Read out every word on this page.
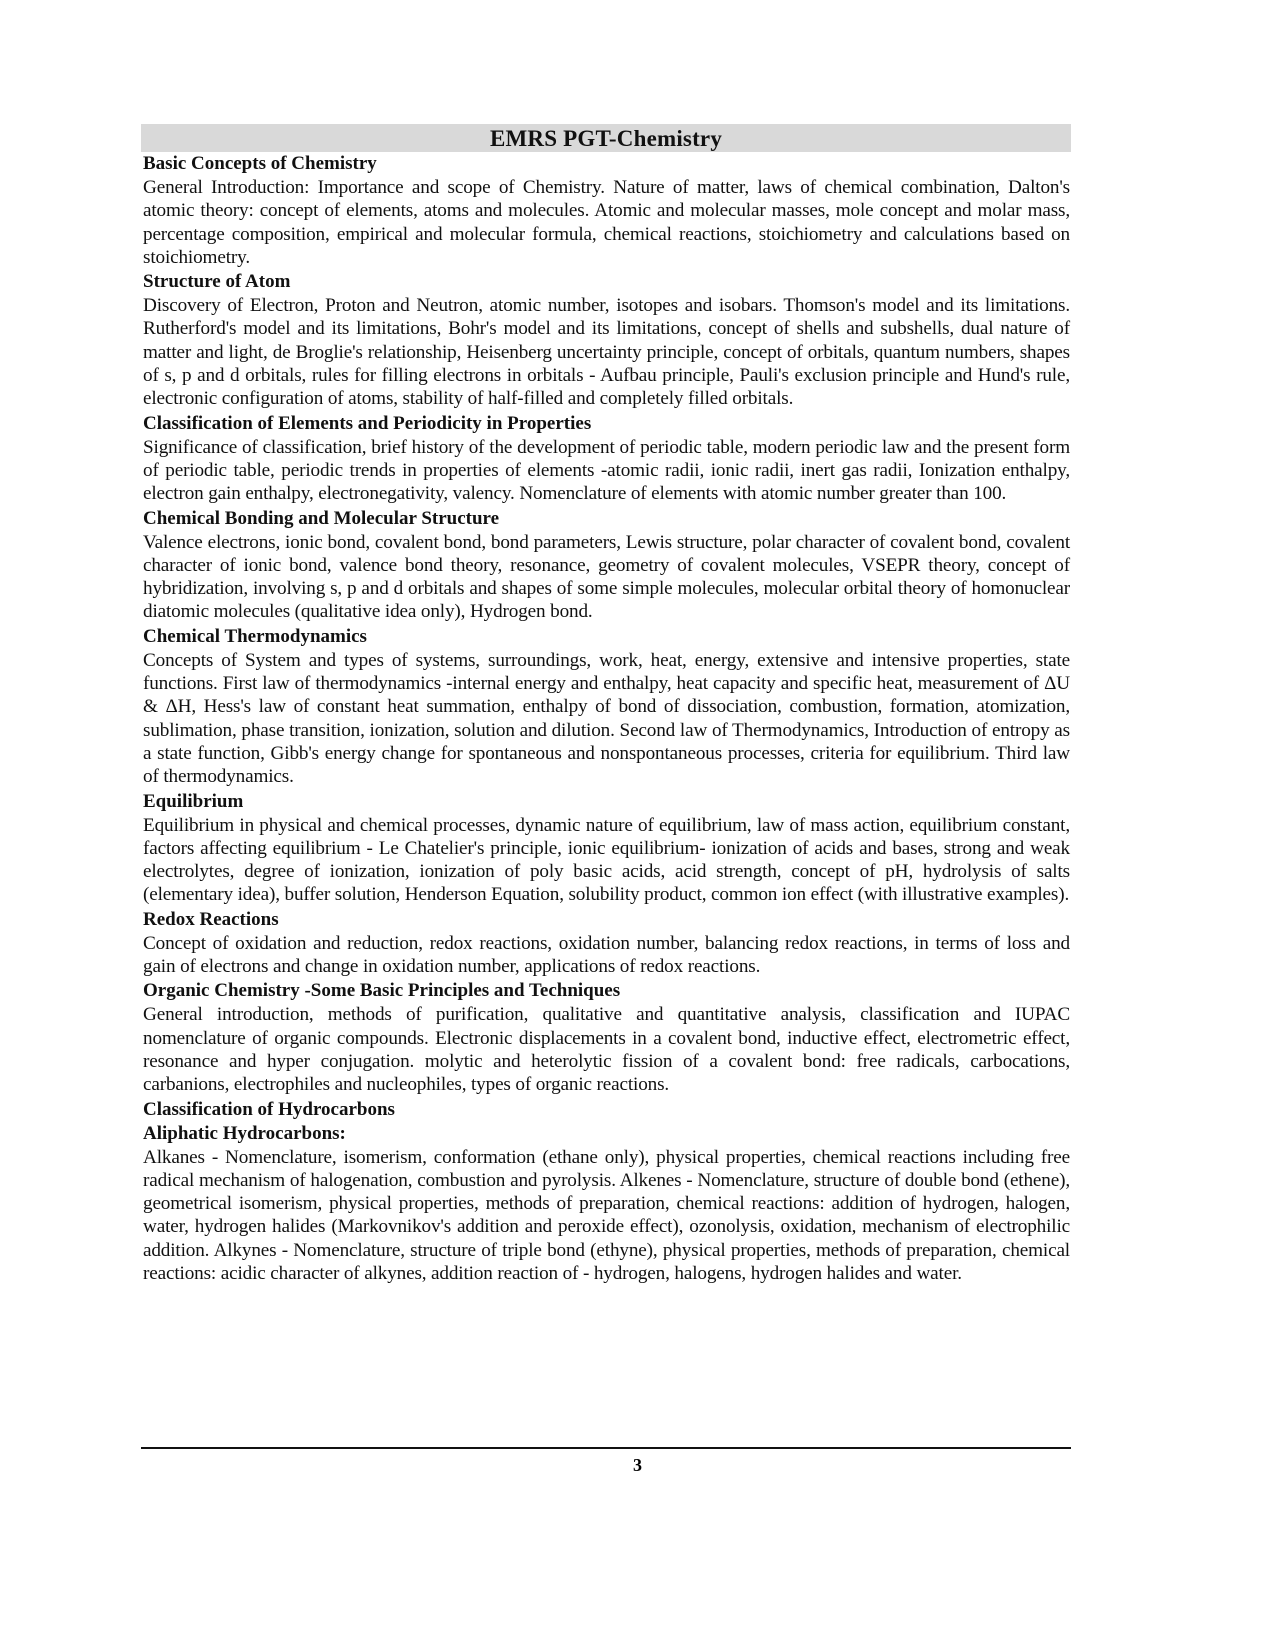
EMRS PGT-Chemistry

Basic Concepts of Chemistry

General Introduction: Importance and scope of Chemistry. Nature of matter, laws of chemical combination, Dalton's atomic theory: concept of elements, atoms and molecules. Atomic and molecular masses, mole concept and molar mass, percentage composition, empirical and molecular formula, chemical reactions, stoichiometry and calculations based on stoichiometry.

Structure of Atom

Discovery of Electron, Proton and Neutron, atomic number, isotopes and isobars. Thomson's model and its limitations. Rutherford's model and its limitations, Bohr's model and its limitations, concept of shells and subshells, dual nature of matter and light, de Broglie's relationship, Heisenberg uncertainty principle, concept of orbitals, quantum numbers, shapes of s, p and d orbitals, rules for filling electrons in orbitals - Aufbau principle, Pauli's exclusion principle and Hund's rule, electronic configuration of atoms, stability of half-filled and completely filled orbitals.

Classification of Elements and Periodicity in Properties

Significance of classification, brief history of the development of periodic table, modern periodic law and the present form of periodic table, periodic trends in properties of elements -atomic radii, ionic radii, inert gas radii, Ionization enthalpy, electron gain enthalpy, electronegativity, valency. Nomenclature of elements with atomic number greater than 100.

Chemical Bonding and Molecular Structure

Valence electrons, ionic bond, covalent bond, bond parameters, Lewis structure, polar character of covalent bond, covalent character of ionic bond, valence bond theory, resonance, geometry of covalent molecules, VSEPR theory, concept of hybridization, involving s, p and d orbitals and shapes of some simple molecules, molecular orbital theory of homonuclear diatomic molecules (qualitative idea only), Hydrogen bond.

Chemical Thermodynamics

Concepts of System and types of systems, surroundings, work, heat, energy, extensive and intensive properties, state functions. First law of thermodynamics -internal energy and enthalpy, heat capacity and specific heat, measurement of ΔU & ΔH, Hess's law of constant heat summation, enthalpy of bond of dissociation, combustion, formation, atomization, sublimation, phase transition, ionization, solution and dilution. Second law of Thermodynamics, Introduction of entropy as a state function, Gibb's energy change for spontaneous and nonspontaneous processes, criteria for equilibrium. Third law of thermodynamics.

Equilibrium

Equilibrium in physical and chemical processes, dynamic nature of equilibrium, law of mass action, equilibrium constant, factors affecting equilibrium - Le Chatelier's principle, ionic equilibrium- ionization of acids and bases, strong and weak electrolytes, degree of ionization, ionization of poly basic acids, acid strength, concept of pH, hydrolysis of salts (elementary idea), buffer solution, Henderson Equation, solubility product, common ion effect (with illustrative examples).

Redox Reactions

Concept of oxidation and reduction, redox reactions, oxidation number, balancing redox reactions, in terms of loss and gain of electrons and change in oxidation number, applications of redox reactions.

Organic Chemistry -Some Basic Principles and Techniques

General introduction, methods of purification, qualitative and quantitative analysis, classification and IUPAC nomenclature of organic compounds. Electronic displacements in a covalent bond, inductive effect, electrometric effect, resonance and hyper conjugation. molytic and heterolytic fission of a covalent bond: free radicals, carbocations, carbanions, electrophiles and nucleophiles, types of organic reactions.

Classification of Hydrocarbons

Aliphatic Hydrocarbons:

Alkanes - Nomenclature, isomerism, conformation (ethane only), physical properties, chemical reactions including free radical mechanism of halogenation, combustion and pyrolysis. Alkenes - Nomenclature, structure of double bond (ethene), geometrical isomerism, physical properties, methods of preparation, chemical reactions: addition of hydrogen, halogen, water, hydrogen halides (Markovnikov's addition and peroxide effect), ozonolysis, oxidation, mechanism of electrophilic addition. Alkynes - Nomenclature, structure of triple bond (ethyne), physical properties, methods of preparation, chemical reactions: acidic character of alkynes, addition reaction of - hydrogen, halogens, hydrogen halides and water.

3
